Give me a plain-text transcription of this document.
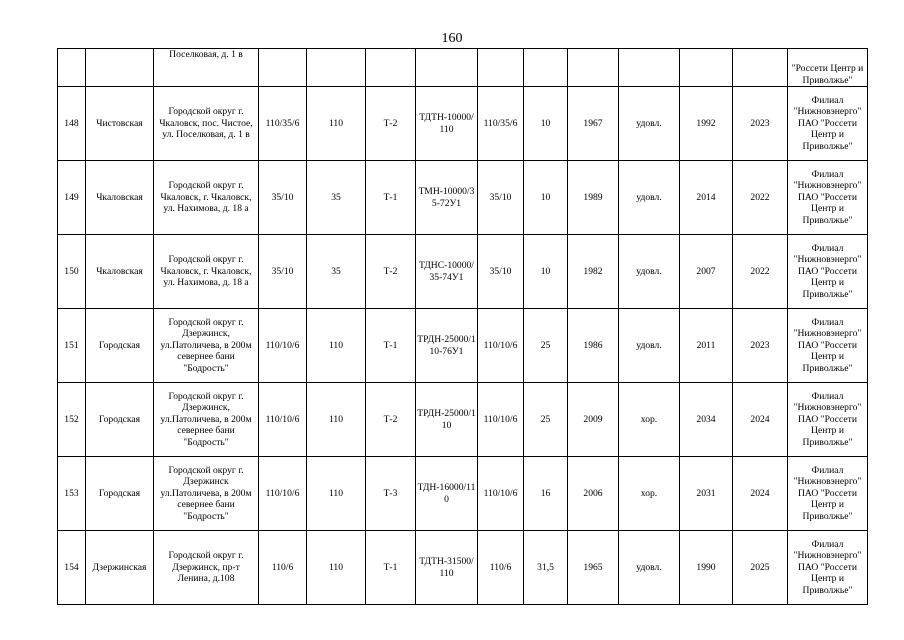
160
		Поселковая, д. 1 в											"Россети Центр и Приволжье"
148	Чистовская	Городской округ г. Чкаловск, пос. Чистое, ул. Поселковая, д. 1 в	110/35/6	110	Т-2	ТДТН-10000/110	110/35/6	10	1967	удовл.	1992	2023	Филиал "Нижновэнерго" ПАО "Россети Центр и Приволжье"
149	Чкаловская	Городской округ г. Чкаловск, г. Чкаловск, ул. Нахимова, д. 18 а	35/10	35	Т-1	ТМН-10000/35-72У1	35/10	10	1989	удовл.	2014	2022	Филиал "Нижновэнерго" ПАО "Россети Центр и Приволжье"
150	Чкаловская	Городской округ г. Чкаловск, г. Чкаловск, ул. Нахимова, д. 18 а	35/10	35	Т-2	ТДНС-10000/35-74У1	35/10	10	1982	удовл.	2007	2022	Филиал "Нижновэнерго" ПАО "Россети Центр и Приволжье"
151	Городская	Городской округ г. Дзержинск, ул.Патоличева, в 200м севернее бани "Бодрость"	110/10/6	110	Т-1	ТРДН-25000/110-76У1	110/10/6	25	1986	удовл.	2011	2023	Филиал "Нижновэнерго" ПАО "Россети Центр и Приволжье"
152	Городская	Городской округ г. Дзержинск, ул.Патоличева, в 200м севернее бани "Бодрость"	110/10/6	110	Т-2	ТРДН-25000/110	110/10/6	25	2009	хор.	2034	2024	Филиал "Нижновэнерго" ПАО "Россети Центр и Приволжье"
153	Городская	Городской округ г. Дзержинск ул.Патоличева, в 200м севернее бани "Бодрость"	110/10/6	110	Т-3	ТДН-16000/110	110/10/6	16	2006	хор.	2031	2024	Филиал "Нижновэнерго" ПАО "Россети Центр и Приволжье"
154	Дзержинская	Городской округ г. Дзержинск, пр-т Ленина, д.108	110/6	110	Т-1	ТДТН-31500/110	110/6	31,5	1965	удовл.	1990	2025	Филиал "Нижновэнерго" ПАО "Россети Центр и Приволжье"
